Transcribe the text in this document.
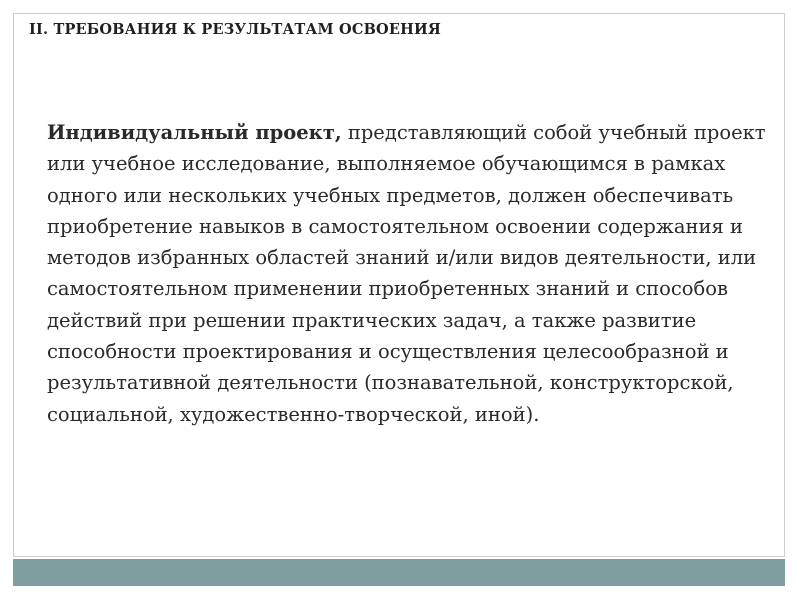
II. ТРЕБОВАНИЯ К РЕЗУЛЬТАТАМ ОСВОЕНИЯ

Индивидуальный проект, представляющий собой учебный проект или учебное исследование, выполняемое обучающимся в рамках одного или нескольких учебных предметов, должен обеспечивать приобретение навыков в самостоятельном освоении содержания и методов избранных областей знаний и/или видов деятельности, или самостоятельном применении приобретенных знаний и способов действий при решении практических задач, а также развитие способности проектирования и осуществления целесообразной и результативной деятельности (познавательной, конструкторской, социальной, художественно-творческой, иной).
